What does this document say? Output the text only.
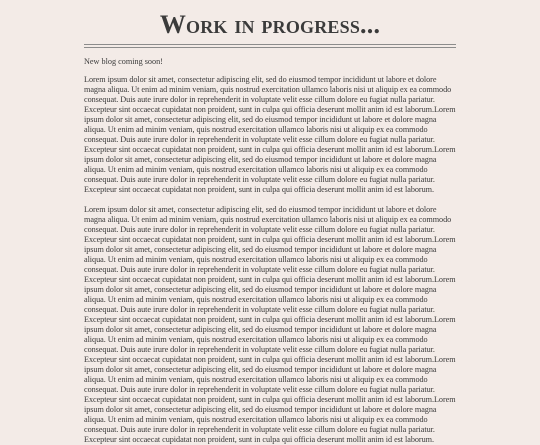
Work in progress...

New blog coming soon!

Lorem ipsum dolor sit amet, consectetur adipiscing elit, sed do eiusmod tempor incididunt ut labore et dolore magna aliqua. Ut enim ad minim veniam, quis nostrud exercitation ullamco laboris nisi ut aliquip ex ea commodo consequat. Duis aute irure dolor in reprehenderit in voluptate velit esse cillum dolore eu fugiat nulla pariatur. Excepteur sint occaecat cupidatat non proident, sunt in culpa qui officia deserunt mollit anim id est laborum.Lorem ipsum dolor sit amet, consectetur adipiscing elit, sed do eiusmod tempor incididunt ut labore et dolore magna aliqua. Ut enim ad minim veniam, quis nostrud exercitation ullamco laboris nisi ut aliquip ex ea commodo consequat. Duis aute irure dolor in reprehenderit in voluptate velit esse cillum dolore eu fugiat nulla pariatur. Excepteur sint occaecat cupidatat non proident, sunt in culpa qui officia deserunt mollit anim id est laborum.Lorem ipsum dolor sit amet, consectetur adipiscing elit, sed do eiusmod tempor incididunt ut labore et dolore magna aliqua. Ut enim ad minim veniam, quis nostrud exercitation ullamco laboris nisi ut aliquip ex ea commodo consequat. Duis aute irure dolor in reprehenderit in voluptate velit esse cillum dolore eu fugiat nulla pariatur. Excepteur sint occaecat cupidatat non proident, sunt in culpa qui officia deserunt mollit anim id est laborum.

Lorem ipsum dolor sit amet, consectetur adipiscing elit, sed do eiusmod tempor incididunt ut labore et dolore magna aliqua. Ut enim ad minim veniam, quis nostrud exercitation ullamco laboris nisi ut aliquip ex ea commodo consequat. Duis aute irure dolor in reprehenderit in voluptate velit esse cillum dolore eu fugiat nulla pariatur. Excepteur sint occaecat cupidatat non proident, sunt in culpa qui officia deserunt mollit anim id est laborum.Lorem ipsum dolor sit amet, consectetur adipiscing elit, sed do eiusmod tempor incididunt ut labore et dolore magna aliqua. Ut enim ad minim veniam, quis nostrud exercitation ullamco laboris nisi ut aliquip ex ea commodo consequat. Duis aute irure dolor in reprehenderit in voluptate velit esse cillum dolore eu fugiat nulla pariatur. Excepteur sint occaecat cupidatat non proident, sunt in culpa qui officia deserunt mollit anim id est laborum.Lorem ipsum dolor sit amet, consectetur adipiscing elit, sed do eiusmod tempor incididunt ut labore et dolore magna aliqua. Ut enim ad minim veniam, quis nostrud exercitation ullamco laboris nisi ut aliquip ex ea commodo consequat. Duis aute irure dolor in reprehenderit in voluptate velit esse cillum dolore eu fugiat nulla pariatur. Excepteur sint occaecat cupidatat non proident, sunt in culpa qui officia deserunt mollit anim id est laborum.Lorem ipsum dolor sit amet, consectetur adipiscing elit, sed do eiusmod tempor incididunt ut labore et dolore magna aliqua. Ut enim ad minim veniam, quis nostrud exercitation ullamco laboris nisi ut aliquip ex ea commodo consequat. Duis aute irure dolor in reprehenderit in voluptate velit esse cillum dolore eu fugiat nulla pariatur. Excepteur sint occaecat cupidatat non proident, sunt in culpa qui officia deserunt mollit anim id est laborum.Lorem ipsum dolor sit amet, consectetur adipiscing elit, sed do eiusmod tempor incididunt ut labore et dolore magna aliqua. Ut enim ad minim veniam, quis nostrud exercitation ullamco laboris nisi ut aliquip ex ea commodo consequat. Duis aute irure dolor in reprehenderit in voluptate velit esse cillum dolore eu fugiat nulla pariatur. Excepteur sint occaecat cupidatat non proident, sunt in culpa qui officia deserunt mollit anim id est laborum.Lorem ipsum dolor sit amet, consectetur adipiscing elit, sed do eiusmod tempor incididunt ut labore et dolore magna aliqua. Ut enim ad minim veniam, quis nostrud exercitation ullamco laboris nisi ut aliquip ex ea commodo consequat. Duis aute irure dolor in reprehenderit in voluptate velit esse cillum dolore eu fugiat nulla pariatur. Excepteur sint occaecat cupidatat non proident, sunt in culpa qui officia deserunt mollit anim id est laborum.
